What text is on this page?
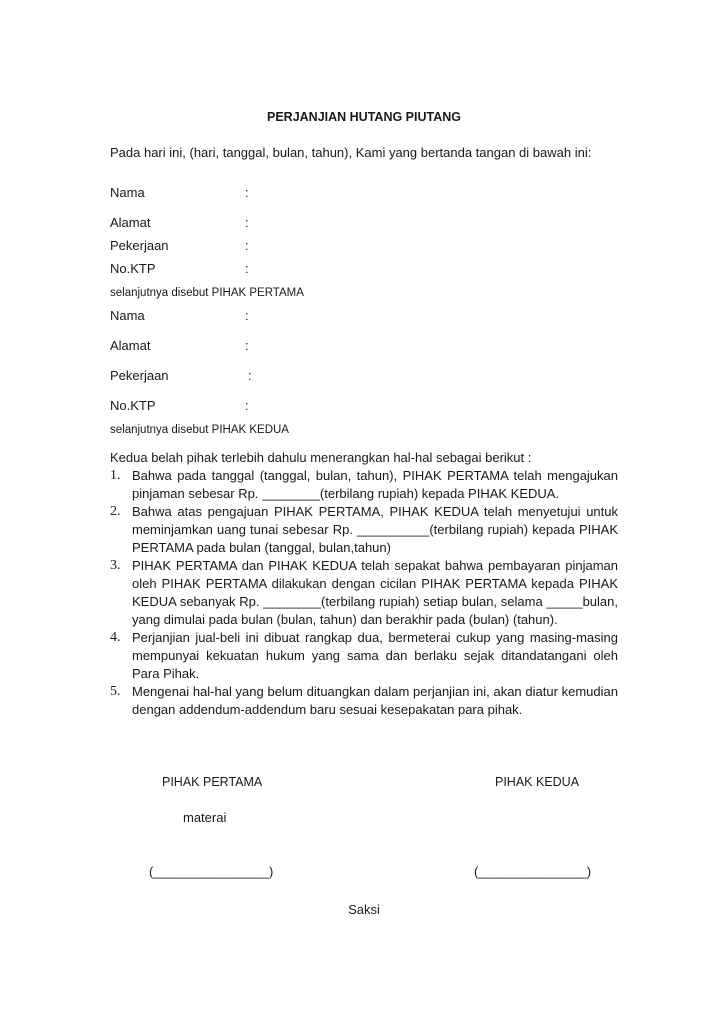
PERJANJIAN HUTANG PIUTANG
Pada hari ini, (hari, tanggal, bulan, tahun), Kami yang bertanda tangan di bawah ini:
Nama	:
Alamat	:
Pekerjaan	:
No.KTP	:
selanjutnya disebut PIHAK PERTAMA
Nama	:
Alamat	:
Pekerjaan	:
No.KTP	:
selanjutnya disebut PIHAK KEDUA
Kedua belah pihak terlebih dahulu menerangkan hal-hal sebagai berikut :
1. Bahwa pada tanggal (tanggal, bulan, tahun), PIHAK PERTAMA telah mengajukan pinjaman sebesar Rp. ________(terbilang rupiah) kepada PIHAK KEDUA.
2. Bahwa atas pengajuan PIHAK PERTAMA, PIHAK KEDUA telah menyetujui untuk meminjamkan uang tunai sebesar Rp. __________(terbilang rupiah) kepada PIHAK PERTAMA pada bulan (tanggal, bulan,tahun)
3. PIHAK PERTAMA dan PIHAK KEDUA telah sepakat bahwa pembayaran pinjaman oleh PIHAK PERTAMA dilakukan dengan cicilan PIHAK PERTAMA kepada PIHAK KEDUA sebanyak Rp. ________(terbilang rupiah) setiap bulan, selama _____bulan, yang dimulai pada bulan (bulan, tahun) dan berakhir pada (bulan) (tahun).
4. Perjanjian jual-beli ini dibuat rangkap dua, bermeterai cukup yang masing-masing mempunyai kekuatan hukum yang sama dan berlaku sejak ditandatangani oleh Para Pihak.
5. Mengenai hal-hal yang belum dituangkan dalam perjanjian ini, akan diatur kemudian dengan addendum-addendum baru sesuai kesepakatan para pihak.
PIHAK PERTAMA	PIHAK KEDUA
materai
(________________)	(_______________)
Saksi
